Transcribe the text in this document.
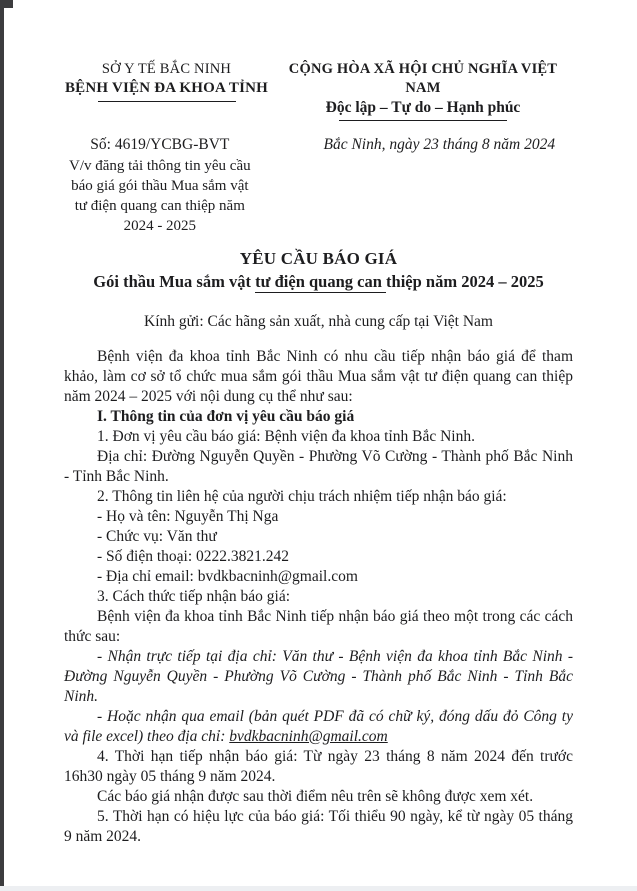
SỞ Y TẾ BẮC NINH
BỆNH VIỆN ĐA KHOA TỈNH
CỘNG HÒA XÃ HỘI CHỦ NGHĨA VIỆT NAM
Độc lập – Tự do – Hạnh phúc
Số: 4619/YCBG-BVT
V/v đăng tải thông tin yêu cầu
báo giá gói thầu Mua sắm vật
tư điện quang can thiệp năm
2024 - 2025
Bắc Ninh, ngày 23 tháng 8 năm 2024
YÊU CẦU BÁO GIÁ
Gói thầu Mua sắm vật tư điện quang can thiệp năm 2024 – 2025
Kính gửi: Các hãng sản xuất, nhà cung cấp tại Việt Nam

Bệnh viện đa khoa tỉnh Bắc Ninh có nhu cầu tiếp nhận báo giá để tham khảo, làm cơ sở tổ chức mua sắm gói thầu Mua sắm vật tư điện quang can thiệp năm 2024 – 2025 với nội dung cụ thể như sau:

I. Thông tin của đơn vị yêu cầu báo giá

1. Đơn vị yêu cầu báo giá: Bệnh viện đa khoa tỉnh Bắc Ninh.

Địa chỉ: Đường Nguyễn Quyền - Phường Võ Cường - Thành phố Bắc Ninh - Tỉnh Bắc Ninh.

2. Thông tin liên hệ của người chịu trách nhiệm tiếp nhận báo giá:

- Họ và tên: Nguyễn Thị Nga

- Chức vụ: Văn thư

- Số điện thoại: 0222.3821.242

- Địa chỉ email: bvdkbacninh@gmail.com

3. Cách thức tiếp nhận báo giá:

Bệnh viện đa khoa tỉnh Bắc Ninh tiếp nhận báo giá theo một trong các cách thức sau:

- Nhận trực tiếp tại địa chỉ: Văn thư - Bệnh viện đa khoa tỉnh Bắc Ninh - Đường Nguyễn Quyền - Phường Võ Cường - Thành phố Bắc Ninh - Tỉnh Bắc Ninh.

- Hoặc nhận qua email (bản quét PDF đã có chữ ký, đóng dấu đỏ Công ty và file excel) theo địa chỉ: bvdkbacninh@gmail.com

4. Thời hạn tiếp nhận báo giá: Từ ngày 23 tháng 8 năm 2024 đến trước 16h30 ngày 05 tháng 9 năm 2024.

Các báo giá nhận được sau thời điểm nêu trên sẽ không được xem xét.

5. Thời hạn có hiệu lực của báo giá: Tối thiểu 90 ngày, kể từ ngày 05 tháng 9 năm 2024.
